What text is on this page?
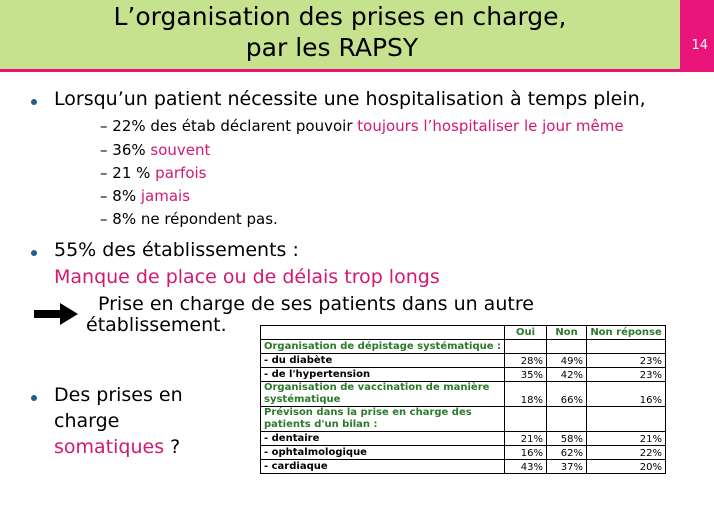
L’organisation des prises en charge,
par les RAPSY	14
Lorsqu’un patient nécessite une hospitalisation à temps plein,
– 22% des étab déclarent pouvoir toujours l’hospitaliser le jour même
– 36% souvent
– 21 % parfois
– 8% jamais
– 8% ne répondent pas.
55% des établissements :
Manque de place ou de délais trop longs
Prise en charge de ses patients dans un autre
établissement.
Des prises en
charge
somatiques ?
	Oui	Non	Non réponse
Organisation de dépistage systématique :			
- du diabète	28%	49%	23%
- de l'hypertension	35%	42%	23%

Organisation de vaccination de manière
systématique	18%	66%	16%

Prévison dans la prise en charge des
patients d'un bilan :			

- dentaire	21%	58%	21%
- ophtalmologique	16%	62%	22%
- cardiaque	43%	37%	20%
